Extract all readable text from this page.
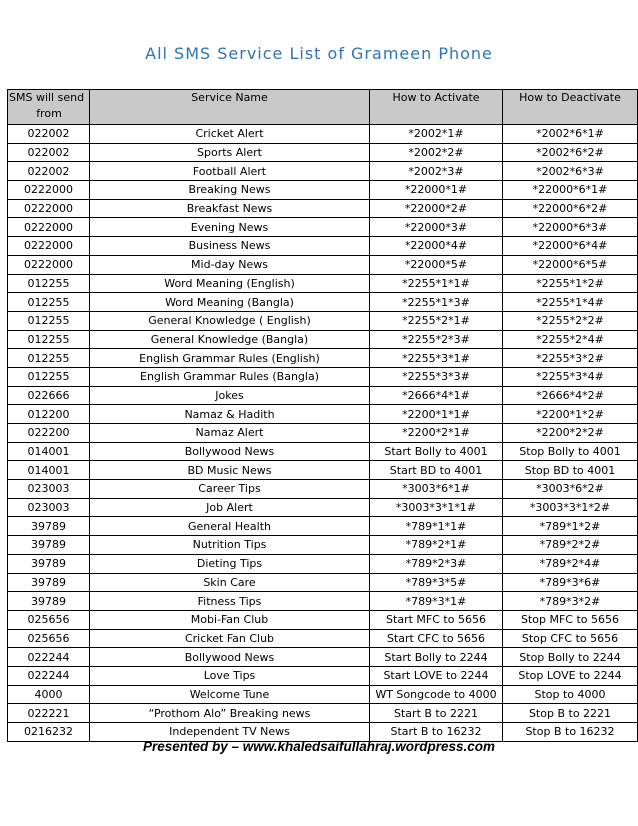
All SMS Service List of Grameen Phone
SMS will send
from	Service Name	How to Activate	How to Deactivate
022002	Cricket Alert	*2002*1#	*2002*6*1#
022002	Sports Alert	*2002*2#	*2002*6*2#
022002	Football Alert	*2002*3#	*2002*6*3#
0222000	Breaking News	*22000*1#	*22000*6*1#
0222000	Breakfast News	*22000*2#	*22000*6*2#
0222000	Evening News	*22000*3#	*22000*6*3#
0222000	Business News	*22000*4#	*22000*6*4#
0222000	Mid-day News	*22000*5#	*22000*6*5#
012255	Word Meaning (English)	*2255*1*1#	*2255*1*2#
012255	Word Meaning (Bangla)	*2255*1*3#	*2255*1*4#
012255	General Knowledge ( English)	*2255*2*1#	*2255*2*2#
012255	General Knowledge (Bangla)	*2255*2*3#	*2255*2*4#
012255	English Grammar Rules (English)	*2255*3*1#	*2255*3*2#
012255	English Grammar Rules (Bangla)	*2255*3*3#	*2255*3*4#
022666	Jokes	*2666*4*1#	*2666*4*2#
012200	Namaz & Hadith	*2200*1*1#	*2200*1*2#
022200	Namaz Alert	*2200*2*1#	*2200*2*2#
014001	Bollywood News	Start Bolly to 4001	Stop Bolly to 4001
014001	BD Music News	Start BD to 4001	Stop BD to 4001
023003	Career Tips	*3003*6*1#	*3003*6*2#
023003	Job Alert	*3003*3*1*1#	*3003*3*1*2#
39789	General Health	*789*1*1#	*789*1*2#
39789	Nutrition Tips	*789*2*1#	*789*2*2#
39789	Dieting Tips	*789*2*3#	*789*2*4#
39789	Skin Care	*789*3*5#	*789*3*6#
39789	Fitness Tips	*789*3*1#	*789*3*2#
025656	Mobi-Fan Club	Start MFC to 5656	Stop MFC to 5656
025656	Cricket Fan Club	Start CFC to 5656	Stop CFC to 5656
022244	Bollywood News	Start Bolly to 2244	Stop Bolly to 2244
022244	Love Tips	Start LOVE to 2244	Stop LOVE to 2244
4000	Welcome Tune	WT Songcode to 4000	Stop to 4000
022221	“Prothom Alo” Breaking news	Start B to 2221	Stop B to 2221
0216232	Independent TV News	Start B to 16232	Stop B to 16232
Presented by – www.khaledsaifullahraj.wordpress.com
